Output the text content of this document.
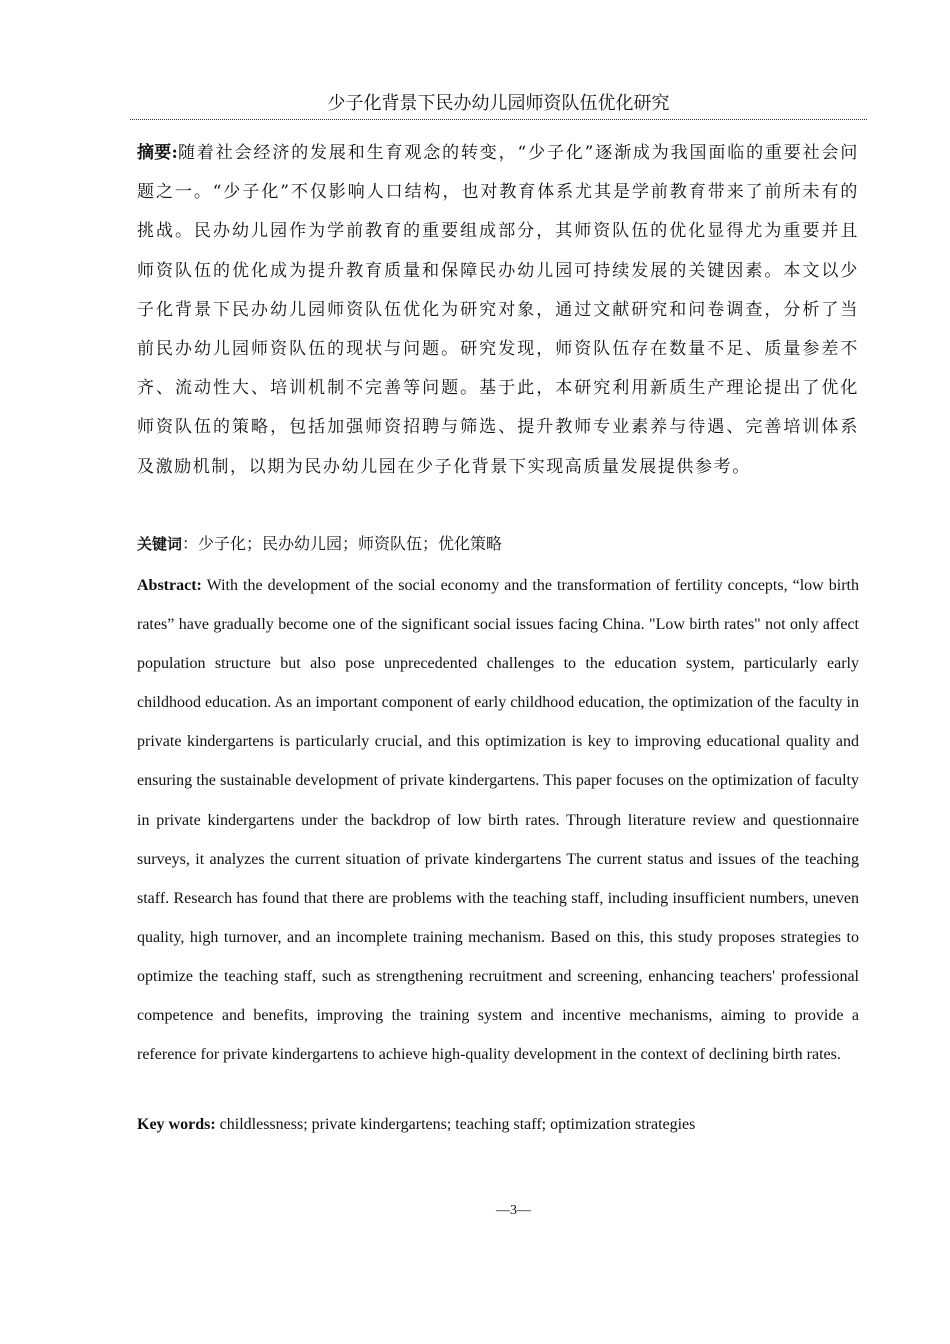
少子化背景下民办幼儿园师资队伍优化研究
摘要:随着社会经济的发展和生育观念的转变，“少子化”逐渐成为我国面临的重要社会问题之一。“少子化”不仅影响人口结构，也对教育体系尤其是学前教育带来了前所未有的挑战。民办幼儿园作为学前教育的重要组成部分，其师资队伍的优化显得尤为重要并且师资队伍的优化成为提升教育质量和保障民办幼儿园可持续发展的关键因素。本文以少子化背景下民办幼儿园师资队伍优化为研究对象，通过文献研究和问卷调查，分析了当前民办幼儿园师资队伍的现状与问题。研究发现，师资队伍存在数量不足、质量参差不齐、流动性大、培训机制不完善等问题。基于此，本研究利用新质生产理论提出了优化师资队伍的策略，包括加强师资招聘与筛选、提升教师专业素养与待遇、完善培训体系及激励机制，以期为民办幼儿园在少子化背景下实现高质量发展提供参考。
关键词：少子化；民办幼儿园；师资队伍；优化策略
Abstract: With the development of the social economy and the transformation of fertility concepts, “low birth rates” have gradually become one of the significant social issues facing China. "Low birth rates" not only affect population structure but also pose unprecedented challenges to the education system, particularly early childhood education. As an important component of early childhood education, the optimization of the faculty in private kindergartens is particularly crucial, and this optimization is key to improving educational quality and ensuring the sustainable development of private kindergartens. This paper focuses on the optimization of faculty in private kindergartens under the backdrop of low birth rates. Through literature review and questionnaire surveys, it analyzes the current situation of private kindergartens The current status and issues of the teaching staff. Research has found that there are problems with the teaching staff, including insufficient numbers, uneven quality, high turnover, and an incomplete training mechanism. Based on this, this study proposes strategies to optimize the teaching staff, such as strengthening recruitment and screening, enhancing teachers' professional competence and benefits, improving the training system and incentive mechanisms, aiming to provide a reference for private kindergartens to achieve high-quality development in the context of declining birth rates.
Key words: childlessness; private kindergartens; teaching staff; optimization strategies
—3—
